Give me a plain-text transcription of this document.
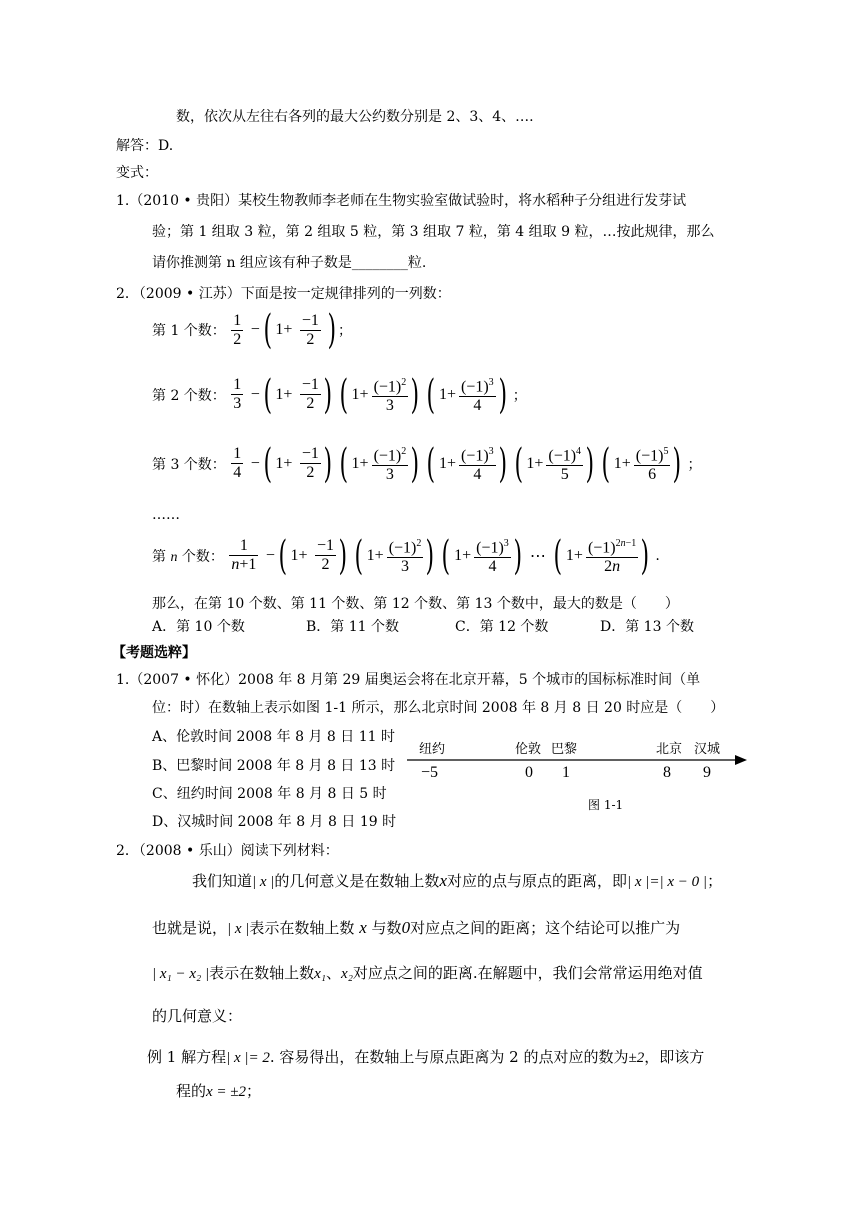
数，依次从左往右各列的最大公约数分别是 2、3、4、….
解答：D.
变式：
1.（2010 • 贵阳）某校生物教师李老师在生物实验室做试验时，将水稻种子分组进行发芽试
验；第 1 组取 3 粒，第 2 组取 5 粒，第 3 组取 7 粒，第 4 组取 9 粒，…按此规律，那么
请你推测第 n 组应该有种子数是________粒.
2．（2009 • 江苏）下面是按一定规律排列的一列数：
第 1 个数： $\frac{1}{2}$ −( $1+ \frac{-1}{2}$ ) ；
第 2 个数： $\frac{1}{3}$ −( $1+ \frac{-1}{2}$ ) ( $1+ \frac{(-1)^2}{3}$ ) ( $1+ \frac{(-1)^3}{4}$ ) ；
第 3 个数： $\frac{1}{4}$ −( $1+ \frac{-1}{2}$ ) ( $1+ \frac{(-1)^2}{3}$ ) ( $1+ \frac{(-1)^3}{4}$ ) ( $1+ \frac{(-1)^4}{5}$ ) ( $1+ \frac{(-1)^5}{6}$ ) ；
……
第 n 个数： $\frac{1}{n+1}$ −( $1+ \frac{-1}{2}$ ) ( $1+ \frac{(-1)^2}{3}$ ) ( $1+ \frac{(-1)^3}{4}$ ) ⋯ ( $1+ \frac{(-1)^{2n-1}}{2n}$ ) .
那么，在第 10 个数、第 11 个数、第 12 个数、第 13 个数中，最大的数是（　　）
A．第 10 个数	B．第 11 个数	C．第 12 个数	D．第 13 个数
【考题选粹】
1.（2007 • 怀化）2008 年 8 月第 29 届奥运会将在北京开幕，5 个城市的国标标准时间（单
位：时）在数轴上表示如图 1-1 所示，那么北京时间 2008 年 8 月 8 日 20 时应是（　　）
A、伦敦时间 2008 年 8 月 8 日 11 时
B、巴黎时间 2008 年 8 月 8 日 13 时
C、纽约时间 2008 年 8 月 8 日 5 时
D、汉城时间 2008 年 8 月 8 日 19 时
纽约	伦敦 巴黎	北京 汉城
−5	0 1	8 9
图 1-1
2．（2008 • 乐山）阅读下列材料：
我们知道| x |的几何意义是在数轴上数x对应的点与原点的距离，即| x |=| x − 0 |；
也就是说，| x |表示在数轴上数 x 与数0对应点之间的距离；这个结论可以推广为
| x₁ − x₂ |表示在数轴上数x₁、x₂对应点之间的距离.在解题中，我们会常常运用绝对值
的几何意义：
例 1 解方程| x |= 2. 容易得出，在数轴上与原点距离为 2 的点对应的数为±2，即该方
程的x = ±2；
